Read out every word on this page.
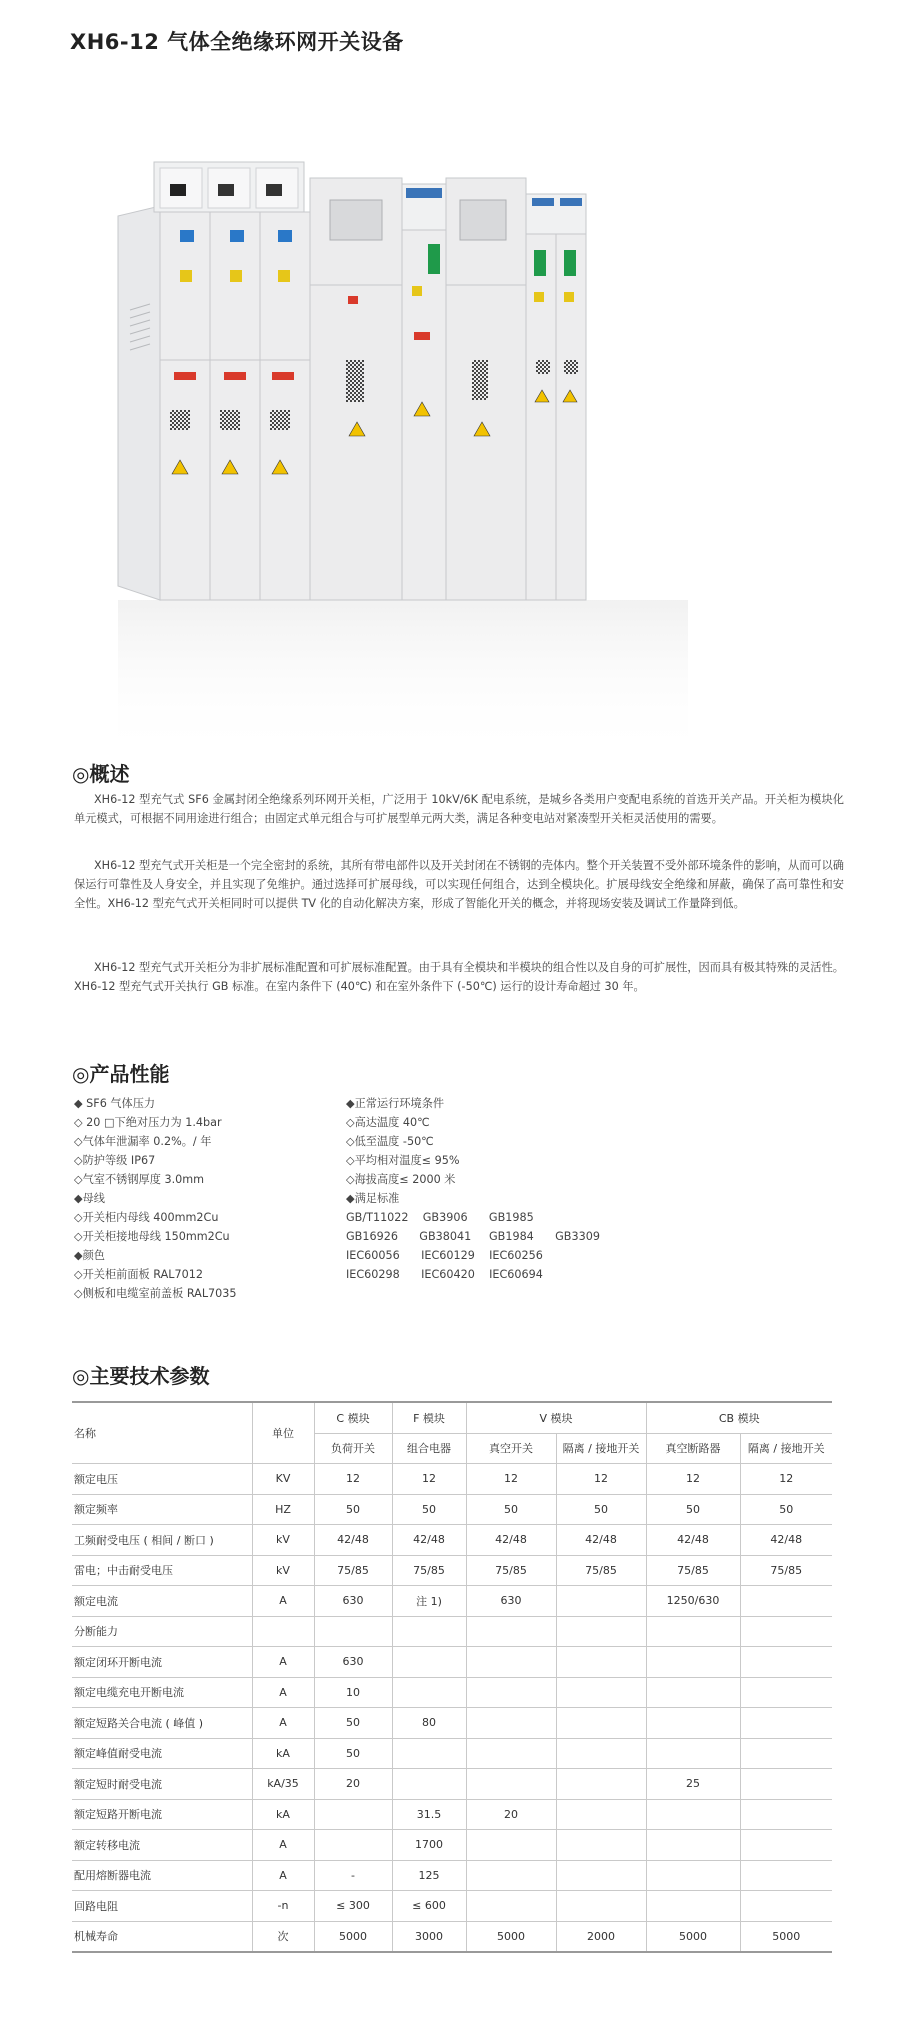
XH6-12 气体全绝缘环网开关设备
◎概述

XH6-12 型充气式 SF6 金属封闭全绝缘系列环网开关柜，广泛用于 10kV/6K 配电系统，是城乡各类用户变配电系统的首选开关产品。开关柜为模块化单元模式，可根据不同用途进行组合；由固定式单元组合与可扩展型单元两大类，满足各种变电站对紧凑型开关柜灵活使用的需要。

XH6-12 型充气式开关柜是一个完全密封的系统，其所有带电部件以及开关封闭在不锈钢的壳体内。整个开关装置不受外部环境条件的影响，从而可以确保运行可靠性及人身安全，并且实现了免维护。通过选择可扩展母线，可以实现任何组合，达到全模块化。扩展母线安全绝缘和屏蔽，确保了高可靠性和安全性。XH6-12 型充气式开关柜同时可以提供 TV 化的自动化解决方案，形成了智能化开关的概念，并将现场安装及调试工作量降到低。

XH6-12 型充气式开关柜分为非扩展标准配置和可扩展标准配置。由于具有全模块和半模块的组合性以及自身的可扩展性，因而具有极其特殊的灵活性。XH6-12 型充气式开关执行 GB 标准。在室内条件下 (40℃) 和在室外条件下 (-50℃) 运行的设计寿命超过 30 年。

◎产品性能
◆ SF6 气体压力
◇ 20 □下绝对压力为 1.4bar
◇气体年泄漏率 0.2%。/ 年
◇防护等级 IP67
◇气室不锈钢厚度 3.0mm
◆母线
◇开关柜内母线 400mm2Cu
◇开关柜接地母线 150mm2Cu
◆颜色
◇开关柜前面板 RAL7012
◇侧板和电缆室前盖板 RAL7035
◆正常运行环境条件
◇高达温度 40℃
◇低至温度 -50℃
◇平均相对温度≤ 95%
◇海拔高度≤ 2000 米
◆满足标准
GB/T11022    GB3906      GB1985
GB16926      GB38041     GB1984      GB3309
IEC60056      IEC60129    IEC60256
IEC60298      IEC60420    IEC60694
◎主要技术参数
名称	单位	C 模块	F 模块	V 模块		CB 模块	
		负荷开关	组合电器	真空开关	隔离 / 接地开关	真空断路器	隔离 / 接地开关
额定电压	KV	12	12	12	12	12	12
额定频率	HZ	50	50	50	50	50	50
工频耐受电压 ( 相间 / 断口 )	kV	42/48	42/48	42/48	42/48	42/48	42/48
雷电；中击耐受电压	kV	75/85	75/85	75/85	75/85	75/85	75/85
额定电流	A	630	注 1)	630		1250/630	
分断能力							
额定闭环开断电流	A	630					
额定电缆充电开断电流	A	10					
额定短路关合电流 ( 峰值 )	A	50	80				
额定峰值耐受电流	kA	50					
额定短时耐受电流	kA/35	20				25	
额定短路开断电流	kA		31.5	20			
额定转移电流	A		1700				
配用熔断器电流	A	-	125				
回路电阻	-n	≤ 300	≤ 600				
机械寿命	次	5000	3000	5000	2000	5000	5000
